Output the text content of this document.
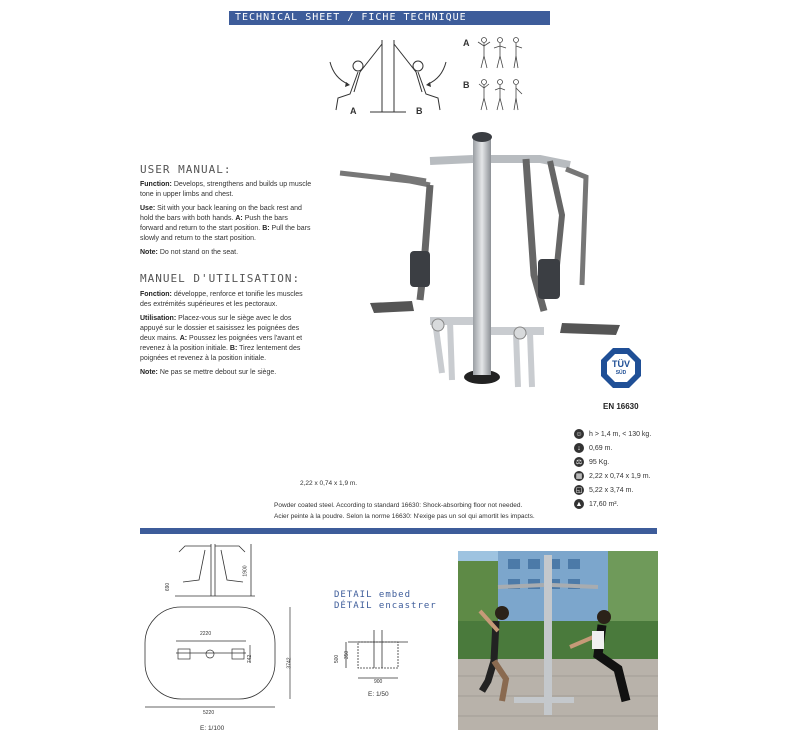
TECHNICAL SHEET / FICHE TECHNIQUE
A	B
A
B
USER MANUAL:

Function: Develops, strengthens and builds up muscle tone in upper limbs and chest.

Use: Sit with your back leaning on the back rest and hold the bars with both hands. A: Push the bars forward and return to the start position. B: Pull the bars slowly and return to the start position.

Note: Do not stand on the seat.

MANUEL D'UTILISATION:

Fonction: développe, renforce et tonifie les muscles des extrémités supérieures et les pectoraux.

Utilisation: Placez-vous sur le siège avec le dos appuyé sur le dossier et saisissez les poignées des deux mains. A: Poussez les poignées vers l'avant et revenez à la position initiale. B: Tirez lentement des poignées et revenez à la position initiale.

Note: Ne pas se mettre debout sur le siège.

TÜV
SÜD
EN 16630
☺ h > 1,4 m, < 130 kg.
↓	0,69 m.
⚖ 95 Kg.
▦ 2,22 x 0,74 x 1,9 m.
◱ 5,22 x 3,74 m.
▲ 17,60 m².
2,22 x 0,74 x 1,9 m.
Powder coated steel. According to standard 16630: Shock-absorbing floor not needed.
Acier peinte à la poudre. Selon la norme 16630: N'exige pas un sol qui amortit les impacts.
690
1900
2220
742	3742
5220
E: 1/100
DETAIL embed
DÉTAIL encastrer
500 350
900
E: 1/50
